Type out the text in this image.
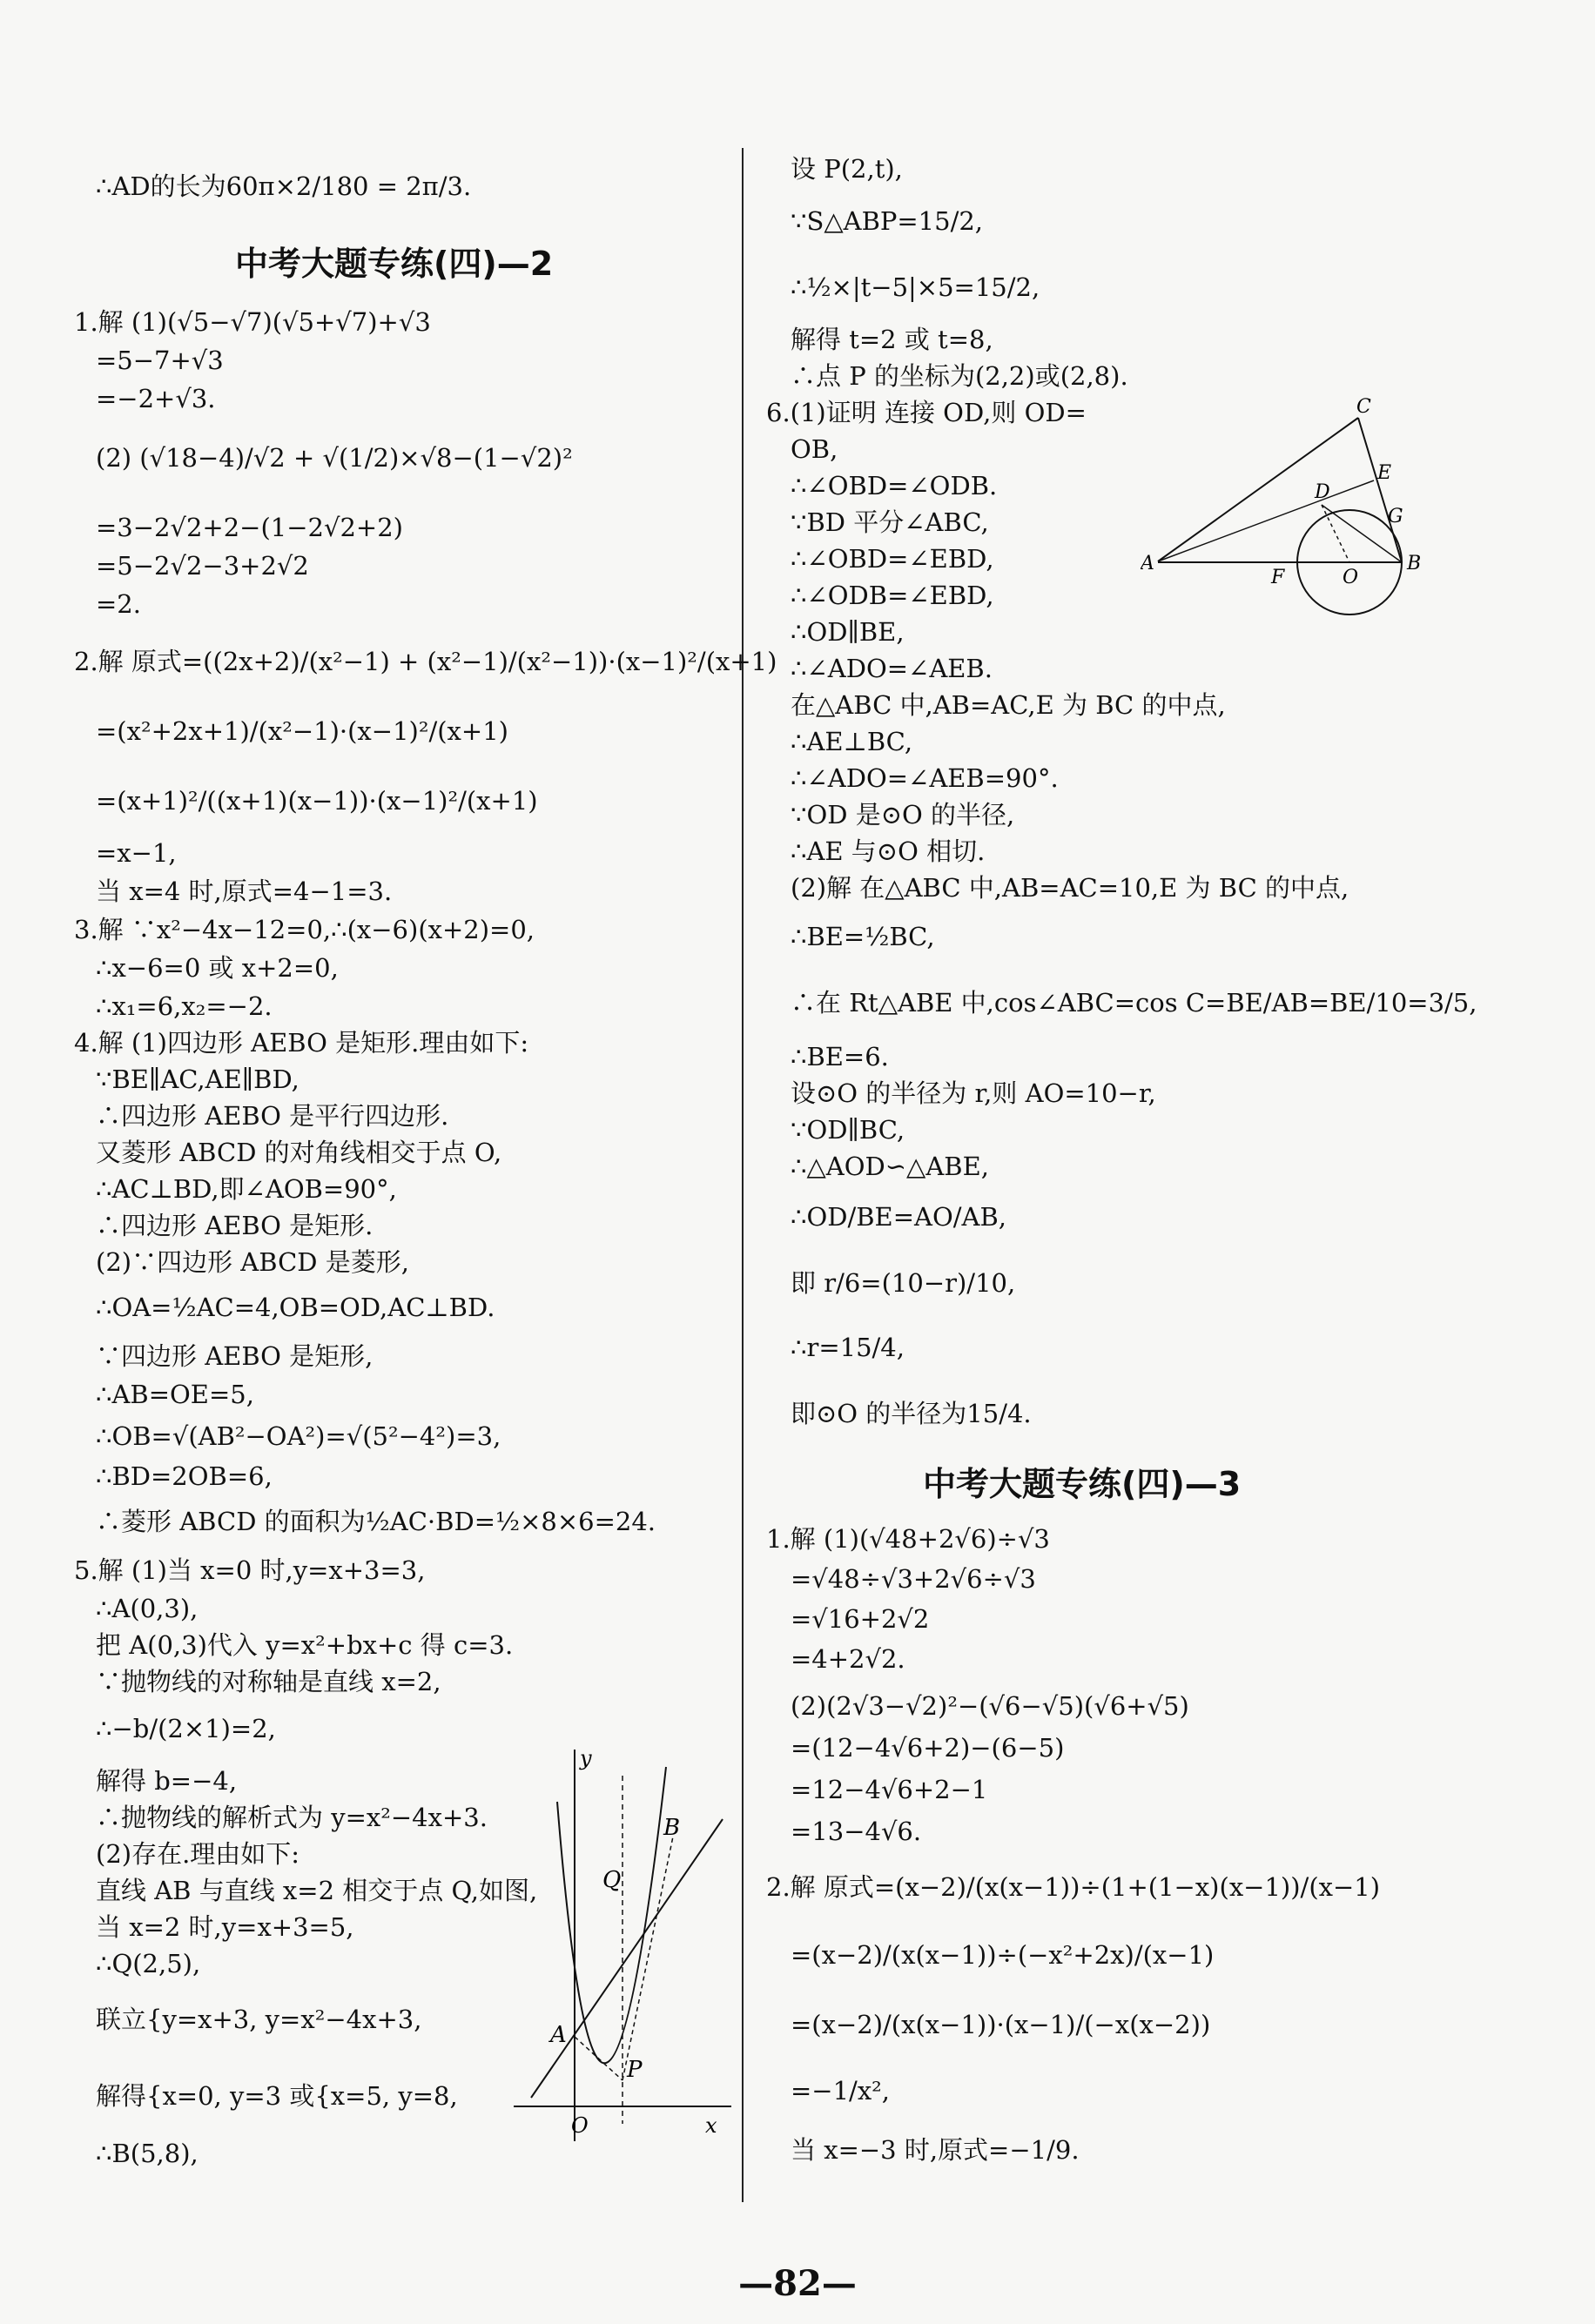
∴AD的长为60π×2/180 = 2π/3.
中考大题专练(四)—2
1.解 (1)(√5−√7)(√5+√7)+√3
=5−7+√3
=−2+√3.
(2) (√18−4)/√2 + √(1/2)×√8−(1−√2)²
=3−2√2+2−(1−2√2+2)
=5−2√2−3+2√2
=2.
2.解 原式=((2x+2)/(x²−1) + (x²−1)/(x²−1))·(x−1)²/(x+1)
=(x²+2x+1)/(x²−1)·(x−1)²/(x+1)
=(x+1)²/((x+1)(x−1))·(x−1)²/(x+1)
=x−1,
当 x=4 时,原式=4−1=3.
3.解 ∵x²−4x−12=0,∴(x−6)(x+2)=0,
∴x−6=0 或 x+2=0,
∴x₁=6,x₂=−2.
4.解 (1)四边形 AEBO 是矩形.理由如下:
∵BE∥AC,AE∥BD,
∴四边形 AEBO 是平行四边形.
又菱形 ABCD 的对角线相交于点 O,
∴AC⊥BD,即∠AOB=90°,
∴四边形 AEBO 是矩形.
(2)∵四边形 ABCD 是菱形,
∴OA=½AC=4,OB=OD,AC⊥BD.
∵四边形 AEBO 是矩形,
∴AB=OE=5,
∴OB=√(AB²−OA²)=√(5²−4²)=3,
∴BD=2OB=6,
∴菱形 ABCD 的面积为½AC·BD=½×8×6=24.
5.解 (1)当 x=0 时,y=x+3=3,
∴A(0,3),
把 A(0,3)代入 y=x²+bx+c 得 c=3.
∵抛物线的对称轴是直线 x=2,
∴−b/(2×1)=2,
解得 b=−4,
∴抛物线的解析式为 y=x²−4x+3.
(2)存在.理由如下:
直线 AB 与直线 x=2 相交于点 Q,如图,
当 x=2 时,y=x+3=5,
∴Q(2,5),
联立{y=x+3, y=x²−4x+3,
解得{x=0, y=3 或{x=5, y=8,
∴B(5,8),
y
B
Q
A
P
O	x
设 P(2,t),
∵S△ABP=15/2,
∴½×|t−5|×5=15/2,
解得 t=2 或 t=8,
∴点 P 的坐标为(2,2)或(2,8).
6.(1)证明 连接 OD,则 OD=
OB,
∴∠OBD=∠ODB.
∵BD 平分∠ABC,
∴∠OBD=∠EBD,
∴∠ODB=∠EBD,
∴OD∥BE,
∴∠ADO=∠AEB.
在△ABC 中,AB=AC,E 为 BC 的中点,
∴AE⊥BC,
∴∠ADO=∠AEB=90°.
∵OD 是⊙O 的半径,
∴AE 与⊙O 相切.
(2)解 在△ABC 中,AB=AC=10,E 为 BC 的中点,
∴BE=½BC,
∴在 Rt△ABE 中,cos∠ABC=cos C=BE/AB=BE/10=3/5,
∴BE=6.
设⊙O 的半径为 r,则 AO=10−r,
∵OD∥BC,
∴△AOD∽△ABE,
∴OD/BE=AO/AB,
即 r/6=(10−r)/10,
∴r=15/4,
即⊙O 的半径为15/4.
中考大题专练(四)—3
1.解 (1)(√48+2√6)÷√3
=√48÷√3+2√6÷√3
=√16+2√2
=4+2√2.
(2)(2√3−√2)²−(√6−√5)(√6+√5)
=(12−4√6+2)−(6−5)
=12−4√6+2−1
=13−4√6.
2.解 原式=(x−2)/(x(x−1))÷(1+(1−x)(x−1))/(x−1)
=(x−2)/(x(x−1))÷(−x²+2x)/(x−1)
=(x−2)/(x(x−1))·(x−1)/(−x(x−2))
=−1/x²,
当 x=−3 时,原式=−1/9.
C
D
E
G
A
F	O
B
—82—
